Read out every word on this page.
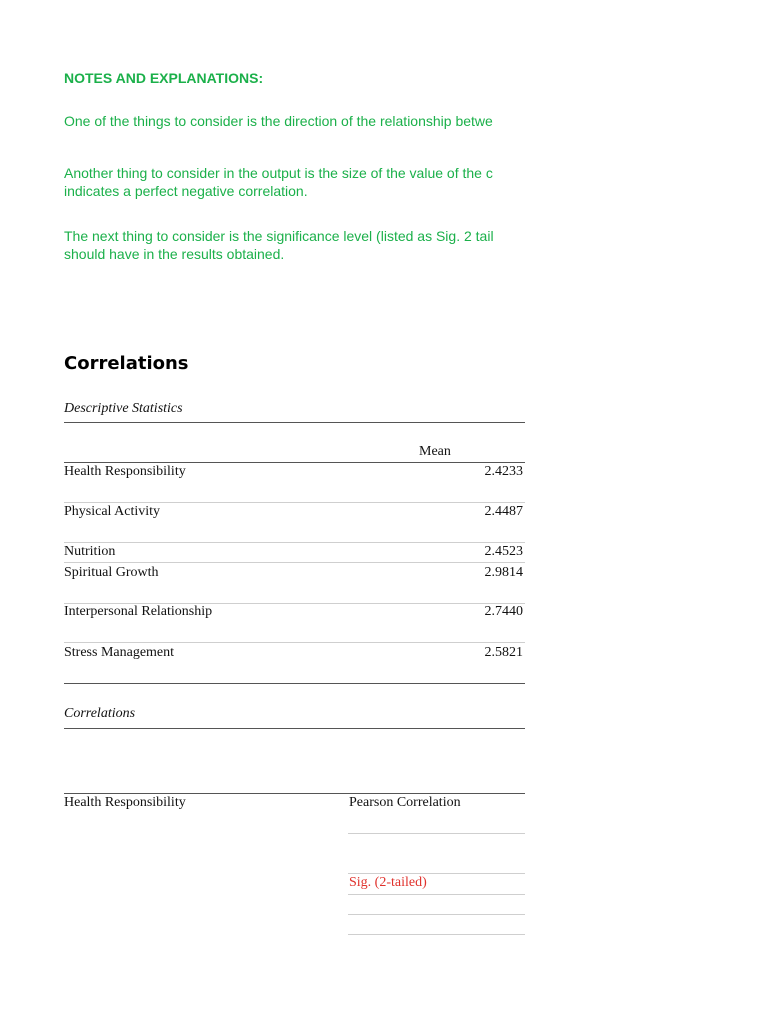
NOTES AND EXPLANATIONS:
One of the things to consider is the direction of the relationship betwe
Another thing to consider in the output is the size of the value of the c
indicates a perfect negative correlation.
The next thing to consider is the significance level (listed as Sig. 2 tail
should have in the results obtained.
Correlations
Descriptive Statistics
Mean
Health Responsibility	2.4233
Physical Activity	2.4487
Nutrition	2.4523
Spiritual Growth	2.9814
Interpersonal Relationship	2.7440
Stress Management	2.5821
Correlations
Health Responsibility	Pearson Correlation
Sig. (2-tailed)
